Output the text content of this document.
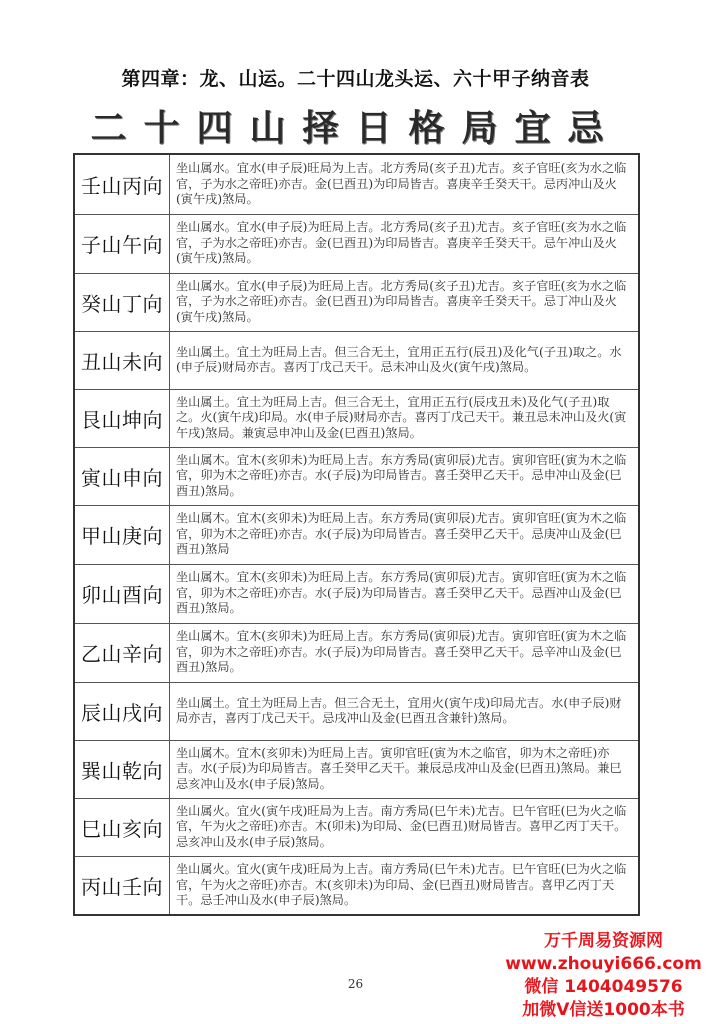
第四章：龙、山运。二十四山龙头运、六十甲子纳音表
二十四山择日格局宜忌
壬山丙向	坐山属水。宜水(申子辰)旺局为上吉。北方秀局(亥子丑)尤吉。亥子官旺(亥为水之临官，子为水之帝旺)亦吉。金(巳酉丑)为印局皆吉。喜庚辛壬癸天干。忌丙冲山及火(寅午戌)煞局。
子山午向	坐山属水。宜水(申子辰)为旺局上吉。北方秀局(亥子丑)尤吉。亥子官旺(亥为水之临官，子为水之帝旺)亦吉。金(巳酉丑)为印局皆吉。喜庚辛壬癸天干。忌午冲山及火(寅午戌)煞局。
癸山丁向	坐山属水。宜水(申子辰)为旺局上吉。北方秀局(亥子丑)尤吉。亥子官旺(亥为水之临官，子为水之帝旺)亦吉。金(巳酉丑)为印局皆吉。喜庚辛壬癸天干。忌丁冲山及火(寅午戌)煞局。
丑山未向	坐山属土。宜土为旺局上吉。但三合无土，宜用正五行(辰丑)及化气(子丑)取之。水(申子辰)财局亦吉。喜丙丁戊己天干。忌未冲山及火(寅午戌)煞局。
艮山坤向	坐山属土。宜土为旺局上吉。但三合无土，宜用正五行(辰戌丑未)及化气(子丑)取之。火(寅午戌)印局。水(申子辰)财局亦吉。喜丙丁戊己天干。兼丑忌未冲山及火(寅午戌)煞局。兼寅忌申冲山及金(巳酉丑)煞局。
寅山申向	坐山属木。宜木(亥卯未)为旺局上吉。东方秀局(寅卯辰)尤吉。寅卯官旺(寅为木之临官，卯为木之帝旺)亦吉。水(子辰)为印局皆吉。喜壬癸甲乙天干。忌申冲山及金(巳酉丑)煞局。
甲山庚向	坐山属木。宜木(亥卯未)为旺局上吉。东方秀局(寅卯辰)尤吉。寅卯官旺(寅为木之临官，卯为木之帝旺)亦吉。水(子辰)为印局皆吉。喜壬癸甲乙天干。忌庚冲山及金(巳酉丑)煞局
卯山酉向	坐山属木。宜木(亥卯未)为旺局上吉。东方秀局(寅卯辰)尤吉。寅卯官旺(寅为木之临官，卯为木之帝旺)亦吉。水(子辰)为印局皆吉。喜壬癸甲乙天干。忌酉冲山及金(巳酉丑)煞局。
乙山辛向	坐山属木。宜木(亥卯未)为旺局上吉。东方秀局(寅卯辰)尤吉。寅卯官旺(寅为木之临官，卯为木之帝旺)亦吉。水(子辰)为印局皆吉。喜壬癸甲乙天干。忌辛冲山及金(巳酉丑)煞局。
辰山戌向	坐山属土。宜土为旺局上吉。但三合无土，宜用火(寅午戌)印局尤吉。水(申子辰)财局亦吉，喜丙丁戊己天干。忌戌冲山及金(巳酉丑含兼针)煞局。
巽山乾向	坐山属木。宜木(亥卯未)为旺局上吉。寅卯官旺(寅为木之临官，卯为木之帝旺)亦吉。水(子辰)为印局皆吉。喜壬癸甲乙天干。兼辰忌戌冲山及金(巳酉丑)煞局。兼巳忌亥冲山及水(申子辰)煞局。
巳山亥向	坐山属火。宜火(寅午戌)旺局为上吉。南方秀局(巳午未)尤吉。巳午官旺(巳为火之临官，午为火之帝旺)亦吉。木(卯未)为印局、金(巳酉丑)财局皆吉。喜甲乙丙丁天干。忌亥冲山及水(申子辰)煞局。
丙山壬向	坐山属火。宜火(寅午戌)旺局为上吉。南方秀局(巳午未)尤吉。巳午官旺(巳为火之临官，午为火之帝旺)亦吉。木(亥卯未)为印局、金(巳酉丑)财局皆吉。喜甲乙丙丁天干。忌壬冲山及水(申子辰)煞局。
26
万千周易资源网
www.zhouyi666.com
微信 1404049576
加微V信送1000本书
